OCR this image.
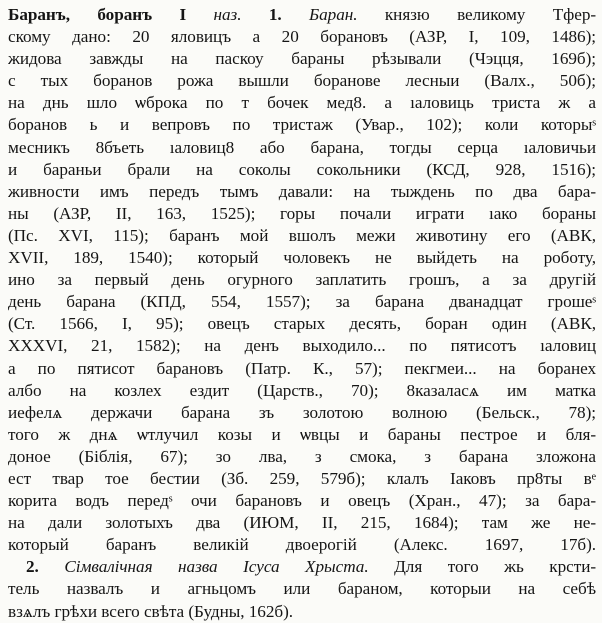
Баранъ, боранъ I наз. 1. Баран. князю великому Тфер-
скому дано: 20 яловицъ а 20 борановъ (АЗР, I, 109, 1486);
жидова завжды на паскоу бараны рѣзывали (Чэцця, 169б);
с тых боранов рожа вышли боранове лесныи (Валх., 50б);
на днь шло ѡброка по т бочек мед8. а ıаловиць триста ж а
боранов ь и вепровъ по тристаж (Увар., 102); коли которыˢ
месникъ 8бъеть ıаловиц8 або барана, тогды серца ıаловичьи
и бараньи брали на соколы сокольники (КСД, 928, 1516);
живности имъ передъ тымъ давали: на тыждень по два бара-
ны (АЗР, II, 163, 1525); горы почали играти ıако бораны
(Пс. XVI, 115); баранъ мой вшолъ межи животину его (АВК,
XVII, 189, 1540); который чоловекъ не выйдеть на роботу,
ино за первый день огурного заплатить грошъ, а за другій
день барана (КПД, 554, 1557); за барана дванадцат грошеˢ
(Ст. 1566, I, 95); овецъ старых десять, боран один (АВК,
XXXVI, 21, 1582); на денъ выходило... по пятисотъ ıаловиц
а по пятисот барановъ (Патр. К., 57); пекгмеи... на боранех
албо на козлех ездит (Царств., 70); 8казаласѧ им матка
иефелѧ держачи барана зъ золотою волною (Бельск., 78);
того ж днѧ ѡтлучил козы и ѡвцы и бараны пестрое и бля-
доное (Біблія, 67); зо лва, з смока, з барана зложона
ест твар тое бестии (Зб. 259, 579б); клалъ Іаковъ пр8ты вᵉ
корита водъ передˢ очи барановъ и овецъ (Хран., 47); за бара-
на дали золотыхъ два (ИЮМ, II, 215, 1684); там же не-
который баранъ великій двоерогій (Алекс. 1697, 17б).
2. Сімвалічная назва Ісуса Хрыста. Для того жь крсти-
тель назвалъ и агньцомъ или бараном, которыи на себѣ
взѧлъ грѣхи всего свѣта (Будны, 162б).
